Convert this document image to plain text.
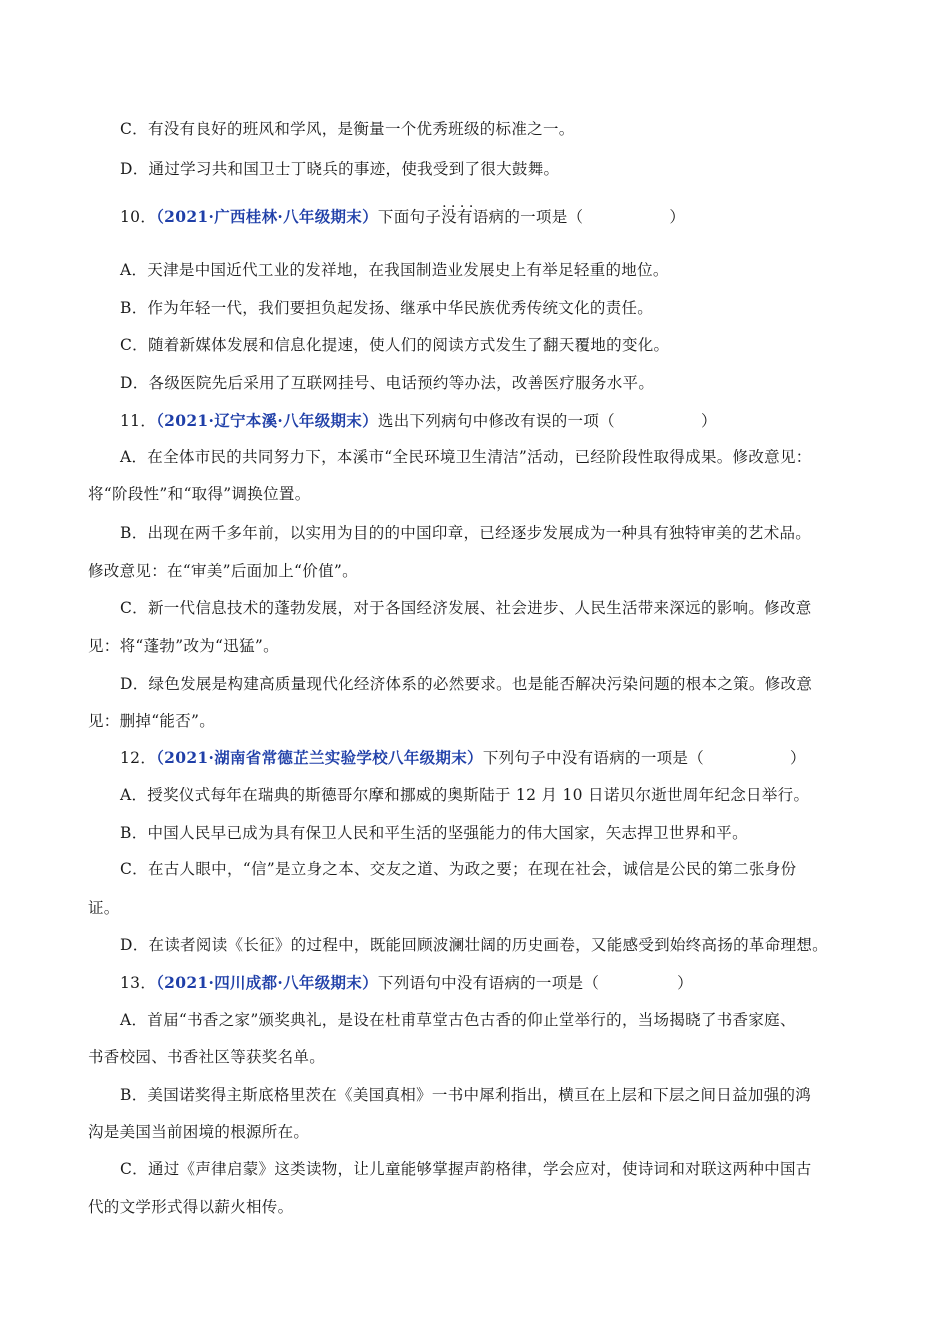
C．有没有良好的班风和学风，是衡量一个优秀班级的标准之一。
D．通过学习共和国卫士丁晓兵的事迹，使我受到了很大鼓舞。
10．（2021·广西桂林·八年级期末）下面句子· · 没有语病的一项是（	）
A．天津是中国近代工业的发祥地，在我国制造业发展史上有举足轻重的地位。
B．作为年轻一代，我们要担负起发扬、继承中华民族优秀传统文化的责任。
C．随着新媒体发展和信息化提速，使人们的阅读方式发生了翻天覆地的变化。
D．各级医院先后采用了互联网挂号、电话预约等办法，改善医疗服务水平。
11．（2021·辽宁本溪·八年级期末）选出下列病句中修改有误的一项（	）
A．在全体市民的共同努力下，本溪市“全民环境卫生清洁”活动，已经阶段性取得成果。修改意见：
将“阶段性”和“取得”调换位置。
B．出现在两千多年前，以实用为目的的中国印章，已经逐步发展成为一种具有独特审美的艺术品。
修改意见：在“审美”后面加上“价值”。
C．新一代信息技术的蓬勃发展，对于各国经济发展、社会进步、人民生活带来深远的影响。修改意
见：将“蓬勃”改为“迅猛”。
D．绿色发展是构建高质量现代化经济体系的必然要求。也是能否解决污染问题的根本之策。修改意
见：删掉“能否”。
12．（2021·湖南省常德芷兰实验学校八年级期末）下列句子中没有语病的一项是（	）
A．授奖仪式每年在瑞典的斯德哥尔摩和挪威的奥斯陆于 12 月 10 日诺贝尔逝世周年纪念日举行。
B．中国人民早已成为具有保卫人民和平生活的坚强能力的伟大国家，矢志捍卫世界和平。
C．在古人眼中，“信”是立身之本、交友之道、为政之要；在现在社会，诚信是公民的第二张身份
证。
D．在读者阅读《长征》的过程中，既能回顾波澜壮阔的历史画卷，又能感受到始终高扬的革命理想。
13．（2021·四川成都·八年级期末）下列语句中没有语病的一项是（	）
A．首届“书香之家”颁奖典礼，是设在杜甫草堂古色古香的仰止堂举行的，当场揭晓了书香家庭、
书香校园、书香社区等获奖名单。
B．美国诺奖得主斯底格里茨在《美国真相》一书中犀利指出，横亘在上层和下层之间日益加强的鸿
沟是美国当前困境的根源所在。
C．通过《声律启蒙》这类读物，让儿童能够掌握声韵格律，学会应对，使诗词和对联这两种中国古
代的文学形式得以薪火相传。
